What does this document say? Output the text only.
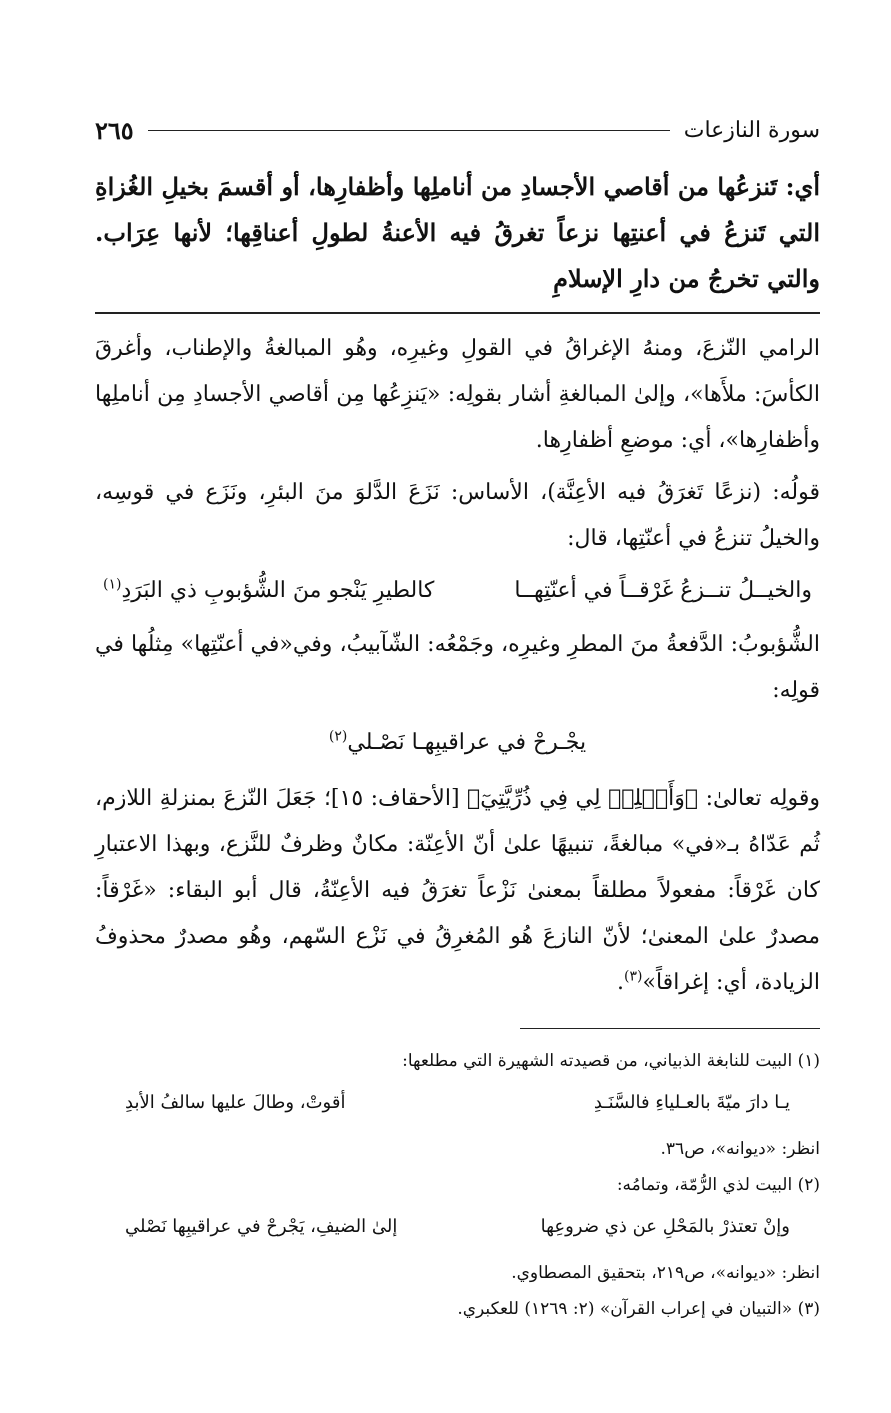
سورة النازعات
٢٦٥
أي: تَنزعُها من أقاصي الأجسادِ من أناملِها وأظفارِها، أو أقسمَ بخيلِ الغُزاةِ التي تَنزعُ في أعنتِها نزعاً تغرقُ فيه الأعنةُ لطولِ أعناقِها؛ لأنها عِرَاب. والتي تخرجُ من دارِ الإسلامِ

الرامي النّزعَ، ومنهُ الإغراقُ في القولِ وغيرِه، وهُو المبالغةُ والإطناب، وأغرقَ الكأسَ: ملأَها»، وإلىٰ المبالغةِ أشار بقولِه: «يَنزِعُها مِن أقاصي الأجسادِ مِن أناملِها وأظفارِها»، أي: موضعِ أظفارِها.

قولُه: (نزعًا تَغرَقُ فيه الأعِنَّة)، الأساس: نَزَعَ الدَّلوَ منَ البئرِ، ونَزَع في قوسِه، والخيلُ تنزعُ في أعنّتِها، قال:

والخيــلُ تنــزعُ غَرْقــاً في أعنّتِهــا
كالطيرِ يَنْجو منَ الشُّؤبوبِ ذي البَرَدِ$^{(١)}$

الشُّؤبوبُ: الدَّفعةُ منَ المطرِ وغيرِه، وجَمْعُه: الشّآبيبُ، وفي«في أعنّتِها» مِثلُها في قولِه:

يجْـرحْ في عراقيبِهـا نَصْـلي$^{(٢)}$

وقولِه تعالىٰ: ﴿وَأَصۡلِحۡ لِي فِي ذُرِّيَّتِيٓ﴾ [الأحقاف: ١٥]؛ جَعَلَ النّزعَ بمنزلةِ اللازم، ثُم عَدّاهُ بـ«في» مبالغةً، تنبيهًا علىٰ أنّ الأعِنّة: مكانٌ وظرفٌ للنَّزع، وبهذا الاعتبارِ كان غَرْقاً: مفعولاً مطلقاً بمعنىٰ نَزْعاً تغرَقُ فيه الأعِنّةُ، قال أبو البقاء: «غَرْقاً: مصدرٌ علىٰ المعنىٰ؛ لأنّ النازعَ هُو المُغرِقُ في نَزْع السّهم، وهُو مصدرٌ محذوفُ الزيادة، أي: إغراقاً»$^{(٣)}$.

(١) البيت للنابغة الذبياني، من قصيدته الشهيرة التي مطلعها:

يـا دارَ ميّةَ بالعـلياءِ فالسَّنَـدِ
أقوتْ، وطالَ عليها سالفُ الأبدِ

انظر: «ديوانه»، ص٣٦.

(٢) البيت لذي الرُّمّة، وتمامُه:

وإنْ تعتذرْ بالمَحْلِ عن ذي ضروعِها
إلىٰ الضيفِ، يَجْرحْ في عراقيبِها نَصْلي

انظر: «ديوانه»، ص٢١٩، بتحقيق المصطاوي.

(٣) «التبيان في إعراب القرآن» (٢: ١٢٦٩) للعكبري.
